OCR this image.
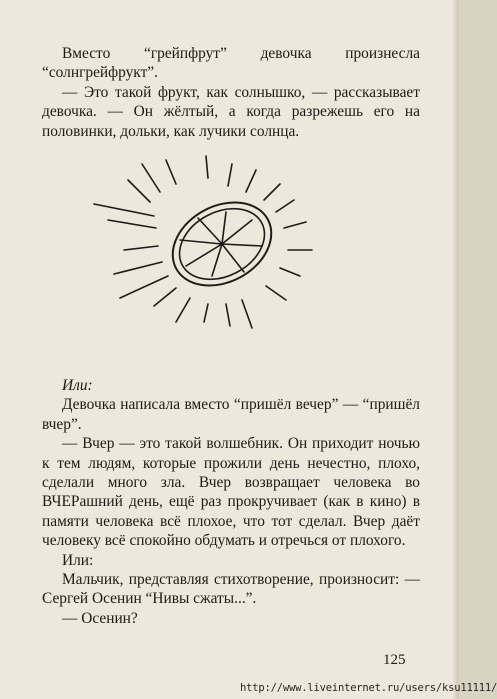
Вместо “грейпфрут” девочка произнесла “солнгрейфрукт”.

— Это такой фрукт, как солнышко, — рассказывает девочка. — Он жёлтый, а когда разрежешь его на половинки, дольки, как лучики солнца.

Или:

Девочка написала вместо “пришёл вечер” — “пришёл вчер”.

— Вчер — это такой волшебник. Он приходит ночью к тем людям, которые прожили день нечестно, плохо, сделали много зла. Вчер возвращает человека во ВЧЕРашний день, ещё раз прокручивает (как в кино) в памяти человека всё плохое, что тот сделал. Вчер даёт человеку всё спокойно обдумать и отречься от плохого.

Или:

Мальчик, представляя стихотворение, произносит: — Сергей Осенин “Нивы сжаты...”.

— Осенин?

125
http://www.liveinternet.ru/users/ksu11111/
